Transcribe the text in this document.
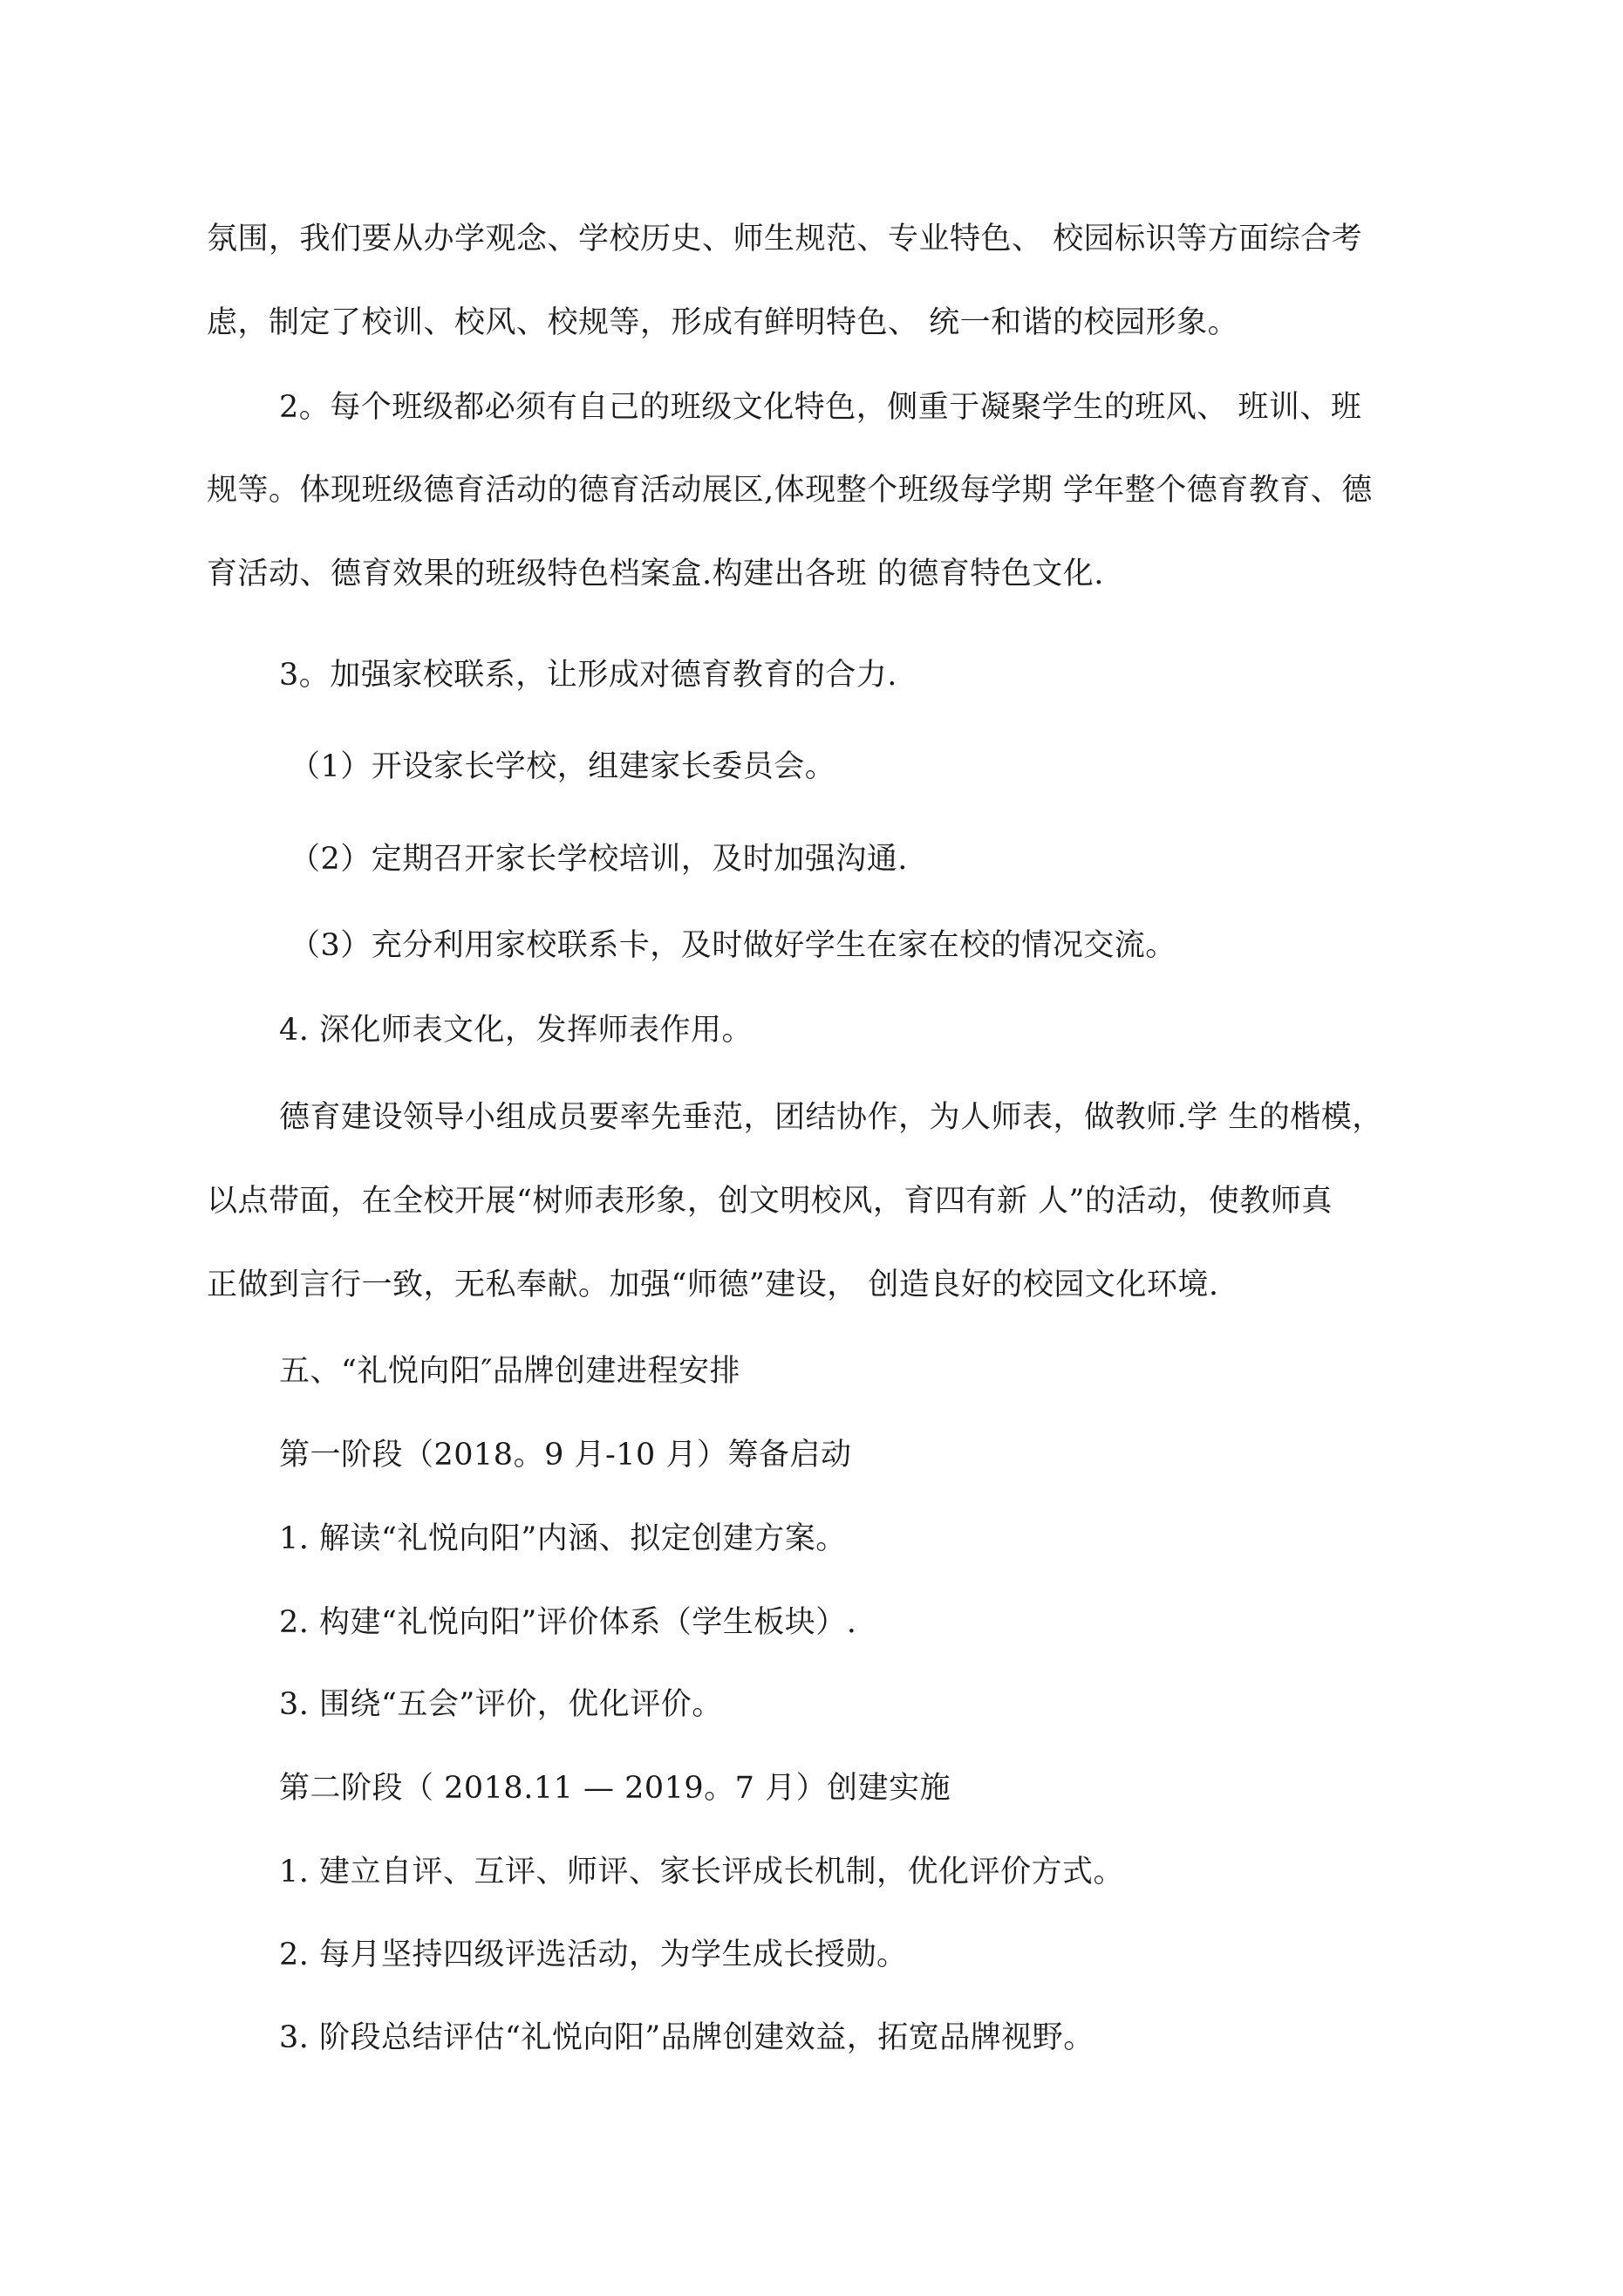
氛围，我们要从办学观念、学校历史、师生规范、专业特色、 校园标识等方面综合考
虑，制定了校训、校风、校规等，形成有鲜明特色、 统一和谐的校园形象。
2。每个班级都必须有自己的班级文化特色，侧重于凝聚学生的班风、 班训、班
规等。体现班级德育活动的德育活动展区,体现整个班级每学期 学年整个德育教育、德
育活动、德育效果的班级特色档案盒.构建出各班 的德育特色文化.
3。加强家校联系，让形成对德育教育的合力.
（1）开设家长学校，组建家长委员会。
（2）定期召开家长学校培训，及时加强沟通.
（3）充分利用家校联系卡，及时做好学生在家在校的情况交流。
4. 深化师表文化，发挥师表作用。
德育建设领导小组成员要率先垂范，团结协作，为人师表，做教师.学 生的楷模，
以点带面，在全校开展“树师表形象，创文明校风，育四有新 人”的活动，使教师真
正做到言行一致，无私奉献。加强“师德”建设， 创造良好的校园文化环境.
五、“礼悦向阳″品牌创建进程安排
第一阶段（2018。9 月-10 月）筹备启动
1. 解读“礼悦向阳”内涵、拟定创建方案。
2. 构建“礼悦向阳”评价体系（学生板块）.
3. 围绕“五会”评价，优化评价。
第二阶段（ 2018.11 — 2019。7 月）创建实施
1. 建立自评、互评、师评、家长评成长机制，优化评价方式。
2. 每月坚持四级评选活动，为学生成长授勋。
3. 阶段总结评估“礼悦向阳”品牌创建效益，拓宽品牌视野。
